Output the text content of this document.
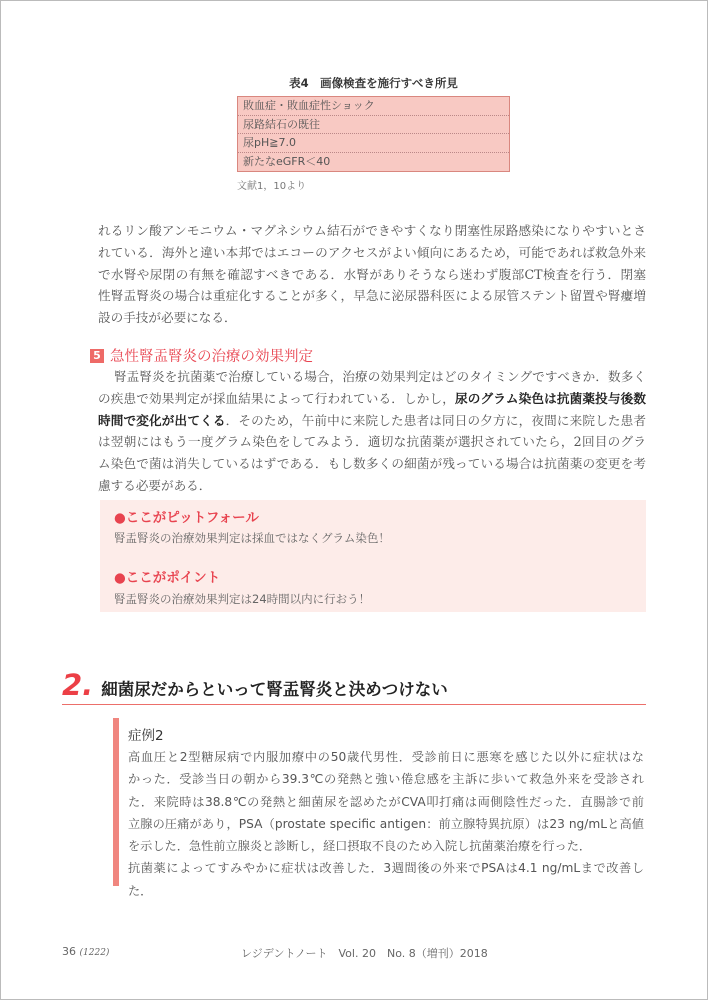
表4　画像検査を施行すべき所見
敗血症・敗血症性ショック
尿路結石の既往
尿pH≧7.0
新たなeGFR＜40
文献1，10より
れるリン酸アンモニウム・マグネシウム結石ができやすくなり閉塞性尿路感染になりやすいとさ
れている．海外と違い本邦ではエコーのアクセスがよい傾向にあるため，可能であれば救急外来
で水腎や尿閉の有無を確認すべきである．水腎がありそうなら迷わず腹部CT検査を行う．閉塞
性腎盂腎炎の場合は重症化することが多く，早急に泌尿器科医による尿管ステント留置や腎瘻増
設の手技が必要になる．
5 急性腎盂腎炎の治療の効果判定
腎盂腎炎を抗菌薬で治療している場合，治療の効果判定はどのタイミングですべきか．数多く
の疾患で効果判定が採血結果によって行われている．しかし，尿のグラム染色は抗菌薬投与後数
時間で変化が出てくる．そのため，午前中に来院した患者は同日の夕方に，夜間に来院した患者
は翌朝にはもう一度グラム染色をしてみよう．適切な抗菌薬が選択されていたら，2回目のグラ
ム染色で菌は消失しているはずである．もし数多くの細菌が残っている場合は抗菌薬の変更を考
慮する必要がある．
●ここがピットフォール
腎盂腎炎の治療効果判定は採血ではなくグラム染色！
●ここがポイント
腎盂腎炎の治療効果判定は24時間以内に行おう！
2. 細菌尿だからといって腎盂腎炎と決めつけない
症例2
高血圧と2型糖尿病で内服加療中の50歳代男性．受診前日に悪寒を感じた以外に症状はな
かった．受診当日の朝から39.3℃の発熱と強い倦怠感を主訴に歩いて救急外来を受診され
た．来院時は38.8℃の発熱と細菌尿を認めたがCVA叩打痛は両側陰性だった．直腸診で前
立腺の圧痛があり，PSA（prostate specific antigen：前立腺特異抗原）は23 ng/mLと高値
を示した．急性前立腺炎と診断し，経口摂取不良のため入院し抗菌薬治療を行った．
抗菌薬によってすみやかに症状は改善した．3週間後の外来でPSAは4.1 ng/mLまで改善し
た．
36 (1222)	レジデントノート　Vol. 20　No. 8（増刊）2018
